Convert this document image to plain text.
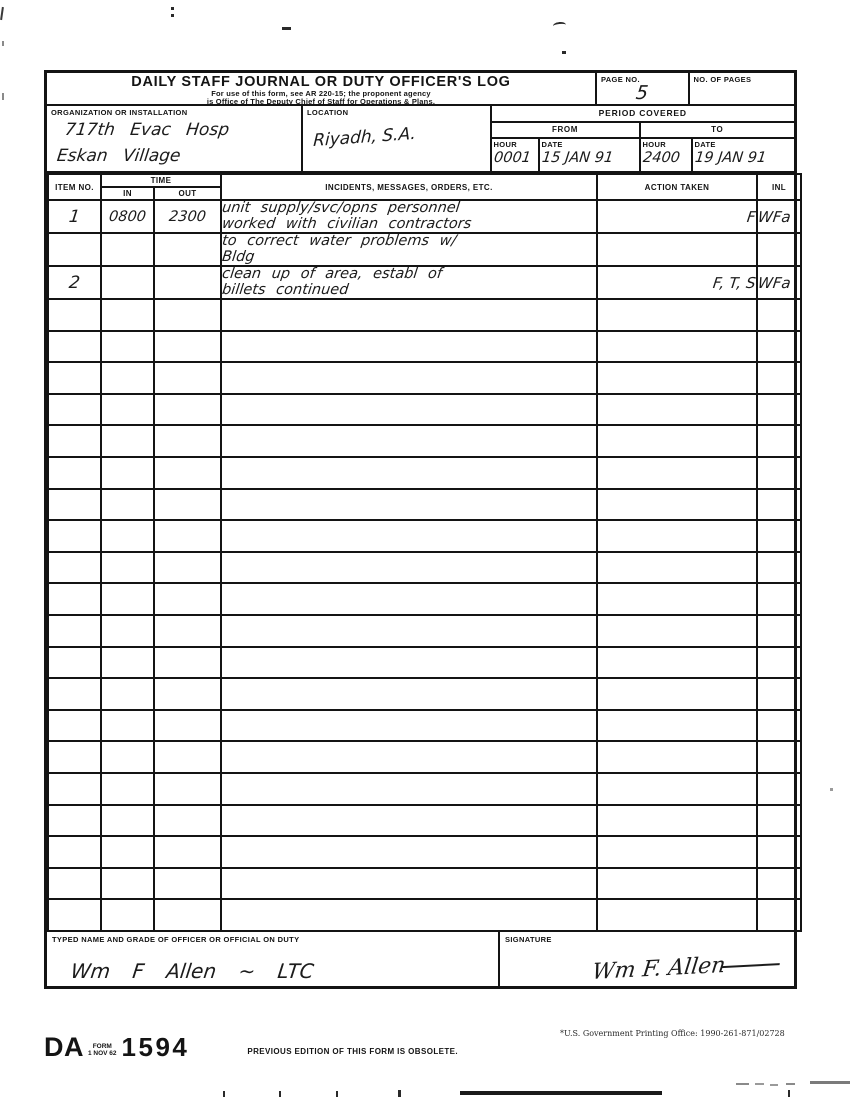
DAILY STAFF JOURNAL OR DUTY OFFICER'S LOG
For use of this form, see AR 220-15; the proponent agency
is Office of The Deputy Chief of Staff for Operations & Plans.
PAGE NO.
5
NO. OF PAGES
ORGANIZATION OR INSTALLATION
717th Evac Hosp
Eskan Village
LOCATION
Riyadh, S.A.
PERIOD COVERED
FROM	TO
HOUR
0001
DATE
15 JAN 91
HOUR
2400
DATE
19 JAN 91
ITEM NO.	TIME		INCIDENTS, MESSAGES, ORDERS, ETC.	ACTION TAKEN	INL
	IN	OUT			
1	0800	2300	unit supply/svc/opns personnel
worked with civilian contractors	F	WFa

			to correct water problems w/
Bldg		

2			clean up of area, establ of
billets continued	F, T, S	WFa

TYPED NAME AND GRADE OF OFFICER OR OFFICIAL ON DUTY
Wm F Allen ~ LTC
SIGNATURE
Wm F. Allen
DA	FORM
1 NOV 62 1594	PREVIOUS EDITION OF THIS FORM IS OBSOLETE.
*U.S. Government Printing Office: 1990-261-871/02728
